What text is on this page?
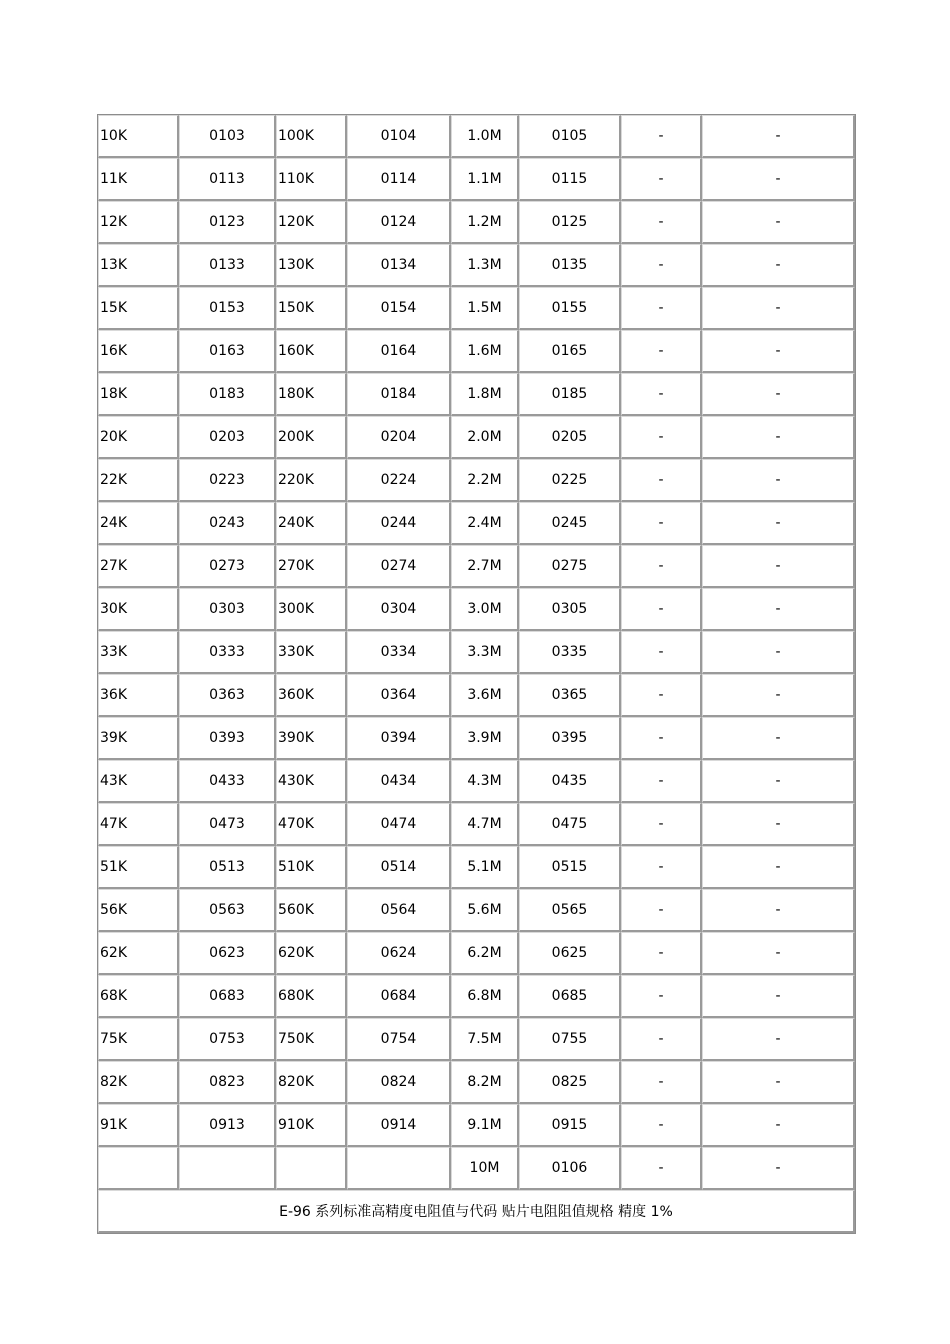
10K	0103	100K	0104	1.0M	0105	-	-
11K	0113	110K	0114	1.1M	0115	-	-
12K	0123	120K	0124	1.2M	0125	-	-
13K	0133	130K	0134	1.3M	0135	-	-
15K	0153	150K	0154	1.5M	0155	-	-
16K	0163	160K	0164	1.6M	0165	-	-
18K	0183	180K	0184	1.8M	0185	-	-
20K	0203	200K	0204	2.0M	0205	-	-
22K	0223	220K	0224	2.2M	0225	-	-
24K	0243	240K	0244	2.4M	0245	-	-
27K	0273	270K	0274	2.7M	0275	-	-
30K	0303	300K	0304	3.0M	0305	-	-
33K	0333	330K	0334	3.3M	0335	-	-
36K	0363	360K	0364	3.6M	0365	-	-
39K	0393	390K	0394	3.9M	0395	-	-
43K	0433	430K	0434	4.3M	0435	-	-
47K	0473	470K	0474	4.7M	0475	-	-
51K	0513	510K	0514	5.1M	0515	-	-
56K	0563	560K	0564	5.6M	0565	-	-
62K	0623	620K	0624	6.2M	0625	-	-
68K	0683	680K	0684	6.8M	0685	-	-
75K	0753	750K	0754	7.5M	0755	-	-
82K	0823	820K	0824	8.2M	0825	-	-
91K	0913	910K	0914	9.1M	0915	-	-
				10M	0106	-	-
E-96 系列标准高精度电阻值与代码 贴片电阻阻值规格 精度 1%							
